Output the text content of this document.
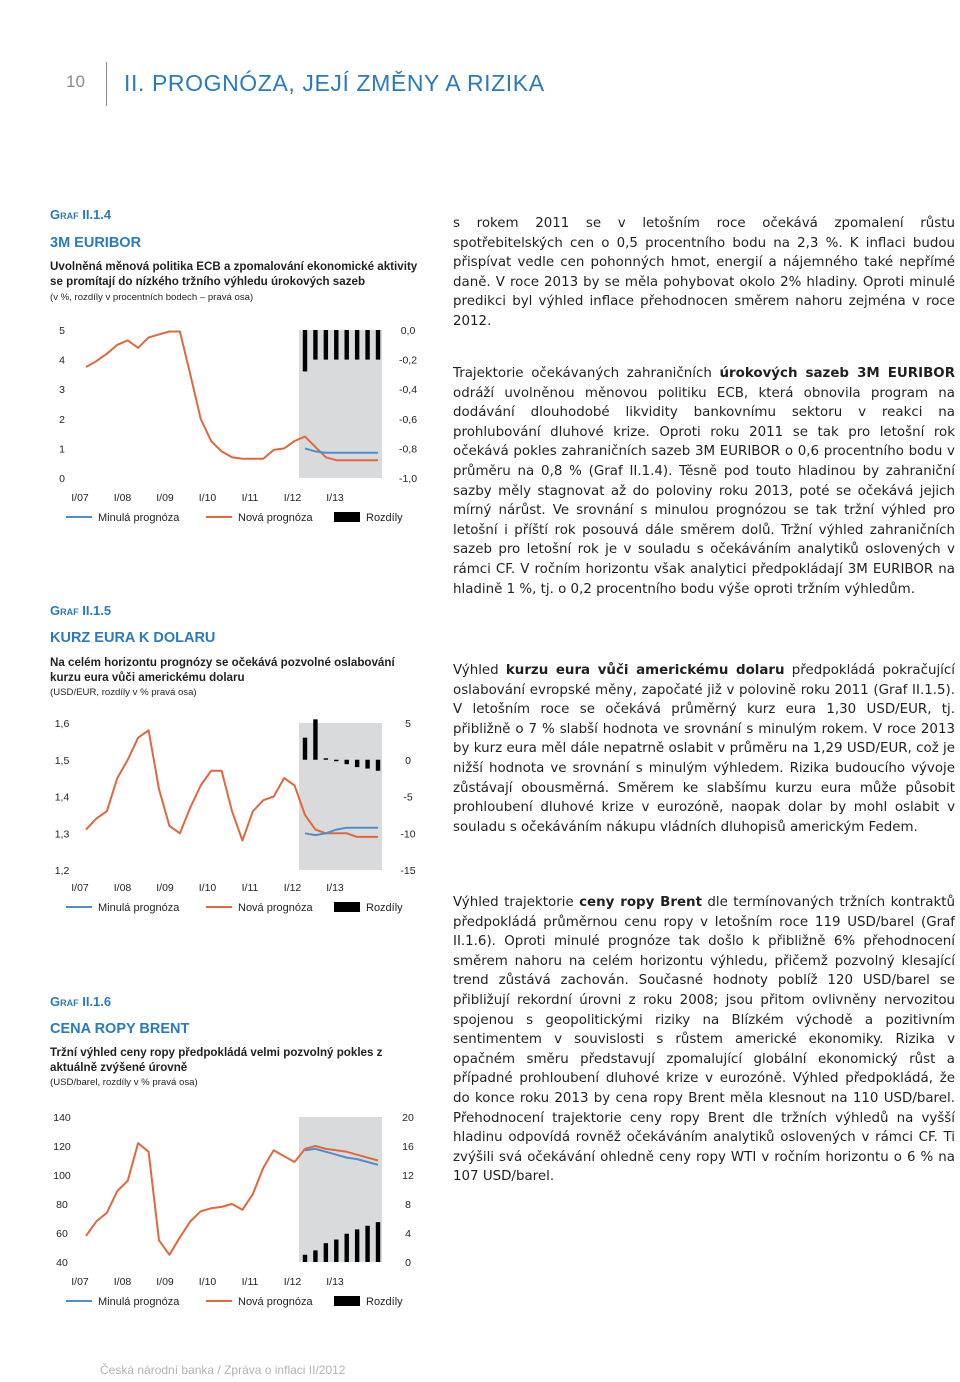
10 II. PROGNÓZA, JEJÍ ZMĚNY A RIZIKA
Graf II.1.4
3M EURIBOR
Uvolněná měnová politika ECB a zpomalování ekonomické aktivity se promítají do nízkého tržního výhledu úrokových sazeb
(v %, rozdíly v procentních bodech – pravá osa)
5
4
3
2
1
0
0,0
-0,2
-0,4
-0,6
-0,8
-1,0
I/07 I/08 I/09 I/10 I/11 I/12 I/13
Minulá prognóza	Nová prognóza	Rozdíly
Graf II.1.5
KURZ EURA K DOLARU
Na celém horizontu prognózy se očekává pozvolné oslabování kurzu eura vůči americkému dolaru
(USD/EUR, rozdíly v % pravá osa)
1,6
1,5
1,4
1,3
1,2
5
0
-5
-10
-15
I/07 I/08 I/09 I/10 I/11 I/12 I/13
Minulá prognóza	Nová prognóza	Rozdíly
Graf II.1.6
CENA ROPY BRENT
Tržní výhled ceny ropy předpokládá velmi pozvolný pokles z aktuálně zvýšené úrovně
(USD/barel, rozdíly v % pravá osa)
140
120
100
80
60
40
20
16
12
8
4
0
I/07 I/08 I/09 I/10 I/11 I/12 I/13
Minulá prognóza	Nová prognóza	Rozdíly

s rokem 2011 se v letošním roce očekává zpomalení růstu spotřebitelských cen o 0,5 procentního bodu na 2,3 %. K inflaci budou přispívat vedle cen pohonných hmot, energií a nájemného také nepřímé daně. V roce 2013 by se měla pohybovat okolo 2% hladiny. Oproti minulé predikci byl výhled inflace přehodnocen směrem nahoru zejména v roce 2012.

Trajektorie očekávaných zahraničních úrokových sazeb 3M EURIBOR odráží uvolněnou měnovou politiku ECB, která obnovila program na dodávání dlouhodobé likvidity bankovnímu sektoru v reakci na prohlubování dluhové krize. Oproti roku 2011 se tak pro letošní rok očekává pokles zahraničních sazeb 3M EURIBOR o 0,6 procentního bodu v průměru na 0,8 % (Graf II.1.4). Těsně pod touto hladinou by zahraniční sazby měly stagnovat až do poloviny roku 2013, poté se očekává jejich mírný nárůst. Ve srovnání s minulou prognózou se tak tržní výhled pro letošní i příští rok posouvá dále směrem dolů. Tržní výhled zahraničních sazeb pro letošní rok je v souladu s očekáváním analytiků oslovených v rámci CF. V ročním horizontu však analytici předpokládají 3M EURIBOR na hladině 1 %, tj. o 0,2 procentního bodu výše oproti tržním výhledům.

Výhled kurzu eura vůči americkému dolaru předpokládá pokračující oslabování evropské měny, započaté již v polovině roku 2011 (Graf II.1.5). V letošním roce se očekává průměrný kurz eura 1,30 USD/EUR, tj. přibližně o 7 % slabší hodnota ve srovnání s minulým rokem. V roce 2013 by kurz eura měl dále nepatrně oslabit v průměru na 1,29 USD/EUR, což je nižší hodnota ve srovnání s minulým výhledem. Rizika budoucího vývoje zůstávají obousměrná. Směrem ke slabšímu kurzu eura může působit prohloubení dluhové krize v eurozóně, naopak dolar by mohl oslabit v souladu s očekáváním nákupu vládních dluhopisů americkým Fedem.

Výhled trajektorie ceny ropy Brent dle termínovaných tržních kontraktů předpokládá průměrnou cenu ropy v letošním roce 119 USD/barel (Graf II.1.6). Oproti minulé prognóze tak došlo k přibližně 6% přehodnocení směrem nahoru na celém horizontu výhledu, přičemž pozvolný klesající trend zůstává zachován. Současné hodnoty poblíž 120 USD/barel se přibližují rekordní úrovni z roku 2008; jsou přitom ovlivněny nervozitou spojenou s geopolitickými riziky na Blízkém východě a pozitivním sentimentem v souvislosti s růstem americké ekonomiky. Rizika v opačném směru představují zpomalující globální ekonomický růst a případné prohloubení dluhové krize v eurozóně. Výhled předpokládá, že do konce roku 2013 by cena ropy Brent měla klesnout na 110 USD/barel. Přehodnocení trajektorie ceny ropy Brent dle tržních výhledů na vyšší hladinu odpovídá rovněž očekáváním analytiků oslovených v rámci CF. Ti zvýšili svá očekávání ohledně ceny ropy WTI v ročním horizontu o 6 % na 107 USD/barel.

Česká národní banka / Zpráva o inflaci II/2012
